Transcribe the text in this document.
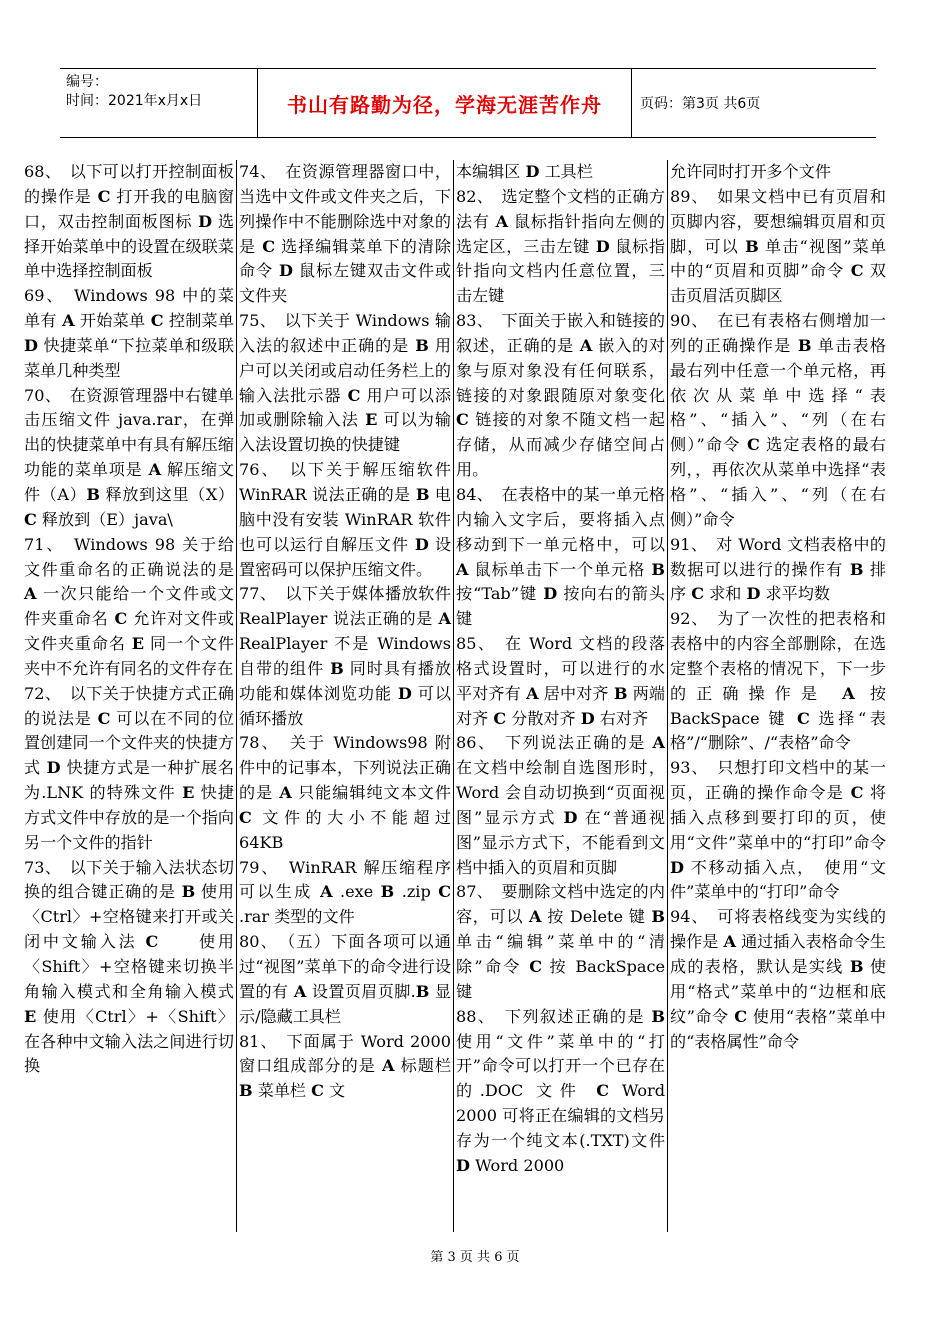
编号：
时间：2021年x月x日	书山有路勤为径，学海无涯苦作舟	页码：第3页 共6页

68、　以下可以打开控制面板的操作是 C 打开我的电脑窗口，双击控制面板图标 D 选择开始菜单中的设置在级联菜单中选择控制面板

69、　Windows 98 中的菜单有 A 开始菜单 C 控制菜单 D 快捷菜单“下拉菜单和级联菜单几种类型

70、　在资源管理器中右键单击压缩文件 java.rar，在弹出的快捷菜单中有具有解压缩功能的菜单项是 A 解压缩文件（A）B 释放到这里（X）C 释放到（E）java\

71、　Windows 98 关于给文件重命名的正确说法的是 A 一次只能给一个文件或文件夹重命名 C 允许对文件或文件夹重命名 E 同一个文件夹中不允许有同名的文件存在

72、　以下关于快捷方式正确的说法是 C 可以在不同的位置创建同一个文件夹的快捷方式 D 快捷方式是一种扩展名为.LNK 的特殊文件 E 快捷方式文件中存放的是一个指向另一个文件的指针

73、　以下关于输入法状态切换的组合键正确的是 B 使用〈Ctrl〉+空格键来打开或关闭中文输入法 C　　使用〈Shift〉+空格键来切换半角输入模式和全角输入模式 E 使用〈Ctrl〉+〈Shift〉在各种中文输入法之间进行切换

74、　在资源管理器窗口中，当选中文件或文件夹之后，下列操作中不能删除选中对象的是 C 选择编辑菜单下的清除命令 D 鼠标左键双击文件或文件夹

75、　以下关于 Windows 输入法的叙述中正确的是 B 用户可以关闭或启动任务栏上的输入法批示器 C 用户可以添加或删除输入法 E 可以为输入法设置切换的快捷键

76、　以下关于解压缩软件 WinRAR 说法正确的是 B 电脑中没有安装 WinRAR 软件也可以运行自解压文件 D 设置密码可以保护压缩文件。

77、　以下关于媒体播放软件 RealPlayer 说法正确的是 A RealPlayer 不是 Windows 自带的组件 B 同时具有播放功能和媒体浏览功能 D 可以循环播放

78、　关于 Windows98 附件中的记事本，下列说法正确的是 A 只能编辑纯文本文件 C 文件的大小不能超过 64KB

79、　WinRAR 解压缩程序可以生成 A .exe B .zip C .rar 类型的文件

80、　（五）下面各项可以通过“视图”菜单下的命令进行设置的有 A 设置页眉页脚.B 显示/隐藏工具栏

81、　下面属于 Word 2000 窗口组成部分的是 A 标题栏 B 菜单栏 C 文

本编辑区 D 工具栏

82、　选定整个文档的正确方法有 A 鼠标指针指向左侧的选定区，三击左键 D 鼠标指针指向文档内任意位置，三击左键

83、　下面关于嵌入和链接的叙述，正确的是 A 嵌入的对象与原对象没有任何联系，链接的对象跟随原对象变化 C 链接的对象不随文档一起存储，从而减少存储空间占用。

84、　在表格中的某一单元格内输入文字后，要将插入点移动到下一单元格中，可以 A 鼠标单击下一个单元格 B 按“Tab”键 D 按向右的箭头键

85、　在 Word 文档的段落格式设置时，可以进行的水平对齐有 A 居中对齐 B 两端对齐 C 分散对齐 D 右对齐

86、　下列说法正确的是 A 在文档中绘制自选图形时，Word 会自动切换到“页面视图”显示方式 D 在“普通视图”显示方式下，不能看到文档中插入的页眉和页脚

87、　要删除文档中选定的内容，可以 A 按 Delete 键 B 单击“编辑”菜单中的“清除”命令 C 按 BackSpace 键

88、　下列叙述正确的是 B 使用“文件”菜单中的“打开”命令可以打开一个已存在的.DOC 文件 C Word 2000 可将正在编辑的文档另存为一个纯文本(.TXT)文件 D Word 2000

允许同时打开多个文件

89、　如果文档中已有页眉和页脚内容，要想编辑页眉和页脚，可以 B 单击“视图”菜单中的“页眉和页脚”命令 C 双击页眉活页脚区

90、　在已有表格右侧增加一列的正确操作是 B 单击表格最右列中任意一个单元格，再依次从菜单中选择“表格”、“插入”、“列（在右侧）”命令 C 选定表格的最右列，，再依次从菜单中选择“表格”、“插入”、“列（在右侧）”命令

91、　对 Word 文档表格中的数据可以进行的操作有 B 排序 C 求和 D 求平均数

92、　为了一次性的把表格和表格中的内容全部删除，在选定整个表格的情况下，下一步的正确操作是 A 按 BackSpace 键 C 选择“表格”/“删除”、/“表格”命令

93、　只想打印文档中的某一页，正确的操作命令是 C 将插入点移到要打印的页，使用“文件”菜单中的“打印”命令 D 不移动插入点，　使用“文件”菜单中的“打印”命令

94、　可将表格线变为实线的操作是 A 通过插入表格命令生成的表格，默认是实线 B 使用“格式”菜单中的“边框和底纹”命令 C 使用“表格”菜单中的“表格属性”命令

第 3 页 共 6 页
